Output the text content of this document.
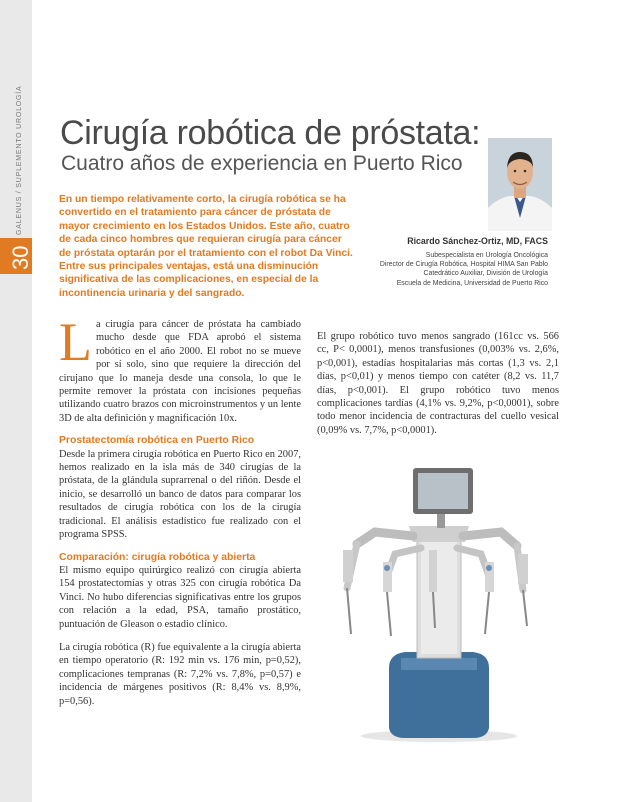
GALENUS / SUPLEMENTO UROLOGÍA
30
Cirugía robótica de próstata:
Cuatro años de experiencia en Puerto Rico

En un tiempo relativamente corto, la cirugía robótica se ha convertido en el tratamiento para cáncer de próstata de mayor crecimiento en los Estados Unidos. Este año, cuatro de cada cinco hombres que requieran cirugía para cáncer de próstata optarán por el tratamiento con el robot Da Vinci. Entre sus principales ventajas, está una disminución significativa de las complicaciones, en especial de la incontinencia urinaria y del sangrado.

Ricardo Sánchez-Ortiz, MD, FACS
Subespecialista en Urología Oncológica
Director de Cirugía Robótica, Hospital HIMA San Pablo
Catedrático Auxiliar, División de Urología
Escuela de Medicina, Universidad de Puerto Rico

La cirugía para cáncer de próstata ha cambiado mucho desde que FDA aprobó el sistema robótico en el año 2000. El robot no se mueve por sí solo, sino que requiere la dirección del cirujano que lo maneja desde una consola, lo que le permite remover la próstata con incisiones pequeñas utilizando cuatro brazos con microinstrumentos y un lente 3D de alta definición y magnificación 10x.

Prostatectomía robótica en Puerto Rico

Desde la primera cirugía robótica en Puerto Rico en 2007, hemos realizado en la isla más de 340 cirugías de la próstata, de la glándula suprarrenal o del riñón. Desde el inicio, se desarrolló un banco de datos para comparar los resultados de cirugía robótica con los de la cirugía tradicional. El análisis estadístico fue realizado con el programa SPSS.

Comparación: cirugía robótica y abierta

El mismo equipo quirúrgico realizó con cirugía abierta 154 prostatectomías y otras 325 con cirugía robótica Da Vinci. No hubo diferencias significativas entre los grupos con relación a la edad, PSA, tamaño prostático, puntuación de Gleason o estadio clínico.

La cirugía robótica (R) fue equivalente a la cirugía abierta en tiempo operatorio (R: 192 min vs. 176 min, p=0,52), complicaciones tempranas (R: 7,2% vs. 7,8%, p=0,57) e incidencia de márgenes positivos (R: 8,4% vs. 8,9%, p=0,56).

El grupo robótico tuvo menos sangrado (161cc vs. 566 cc, P< 0,0001), menos transfusiones (0,003% vs. 2,6%, p<0,001), estadías hospitalarias más cortas (1,3 vs. 2,1 días, p<0,01) y menos tiempo con catéter (8,2 vs. 11,7 días, p<0,001). El grupo robótico tuvo menos complicaciones tardías (4,1% vs. 9,2%, p<0,0001), sobre todo menor incidencia de contracturas del cuello vesical (0,09% vs. 7,7%, p<0,0001).
